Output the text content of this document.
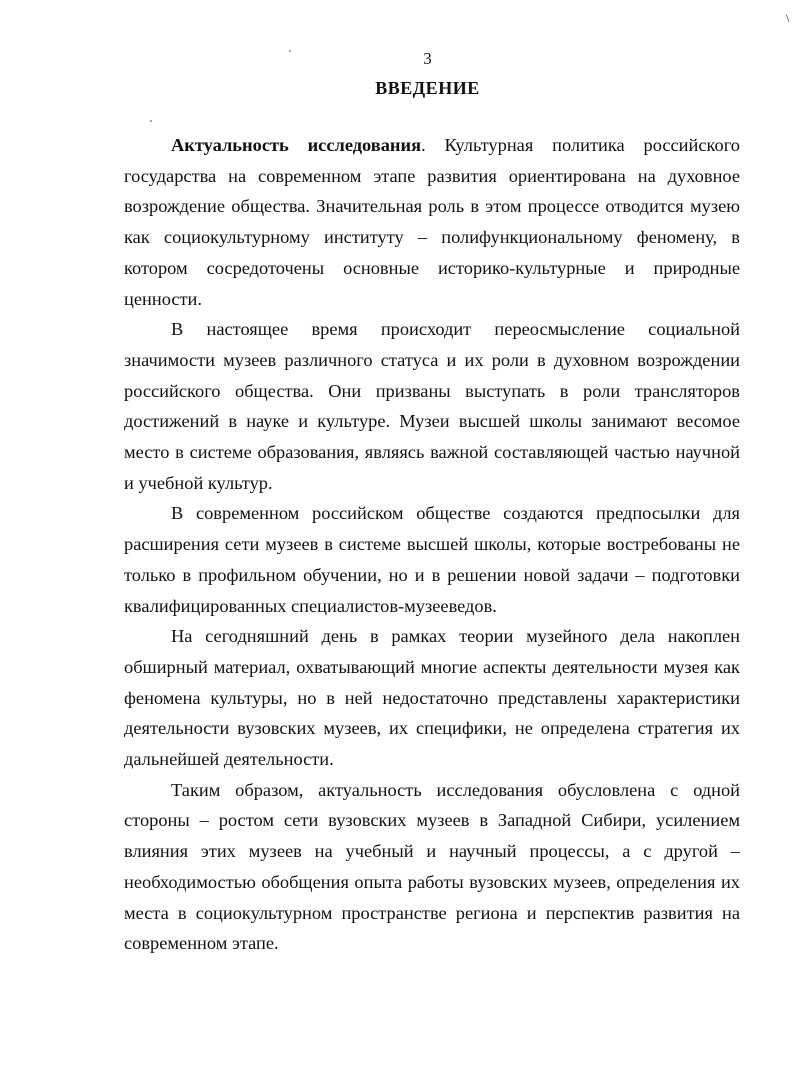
3
ВВЕДЕНИЕ

Актуальность исследования. Культурная политика российского государства на современном этапе развития ориентирована на духовное возрождение общества. Значительная роль в этом процессе отводится музею как социокультурному институту – полифункциональному феномену, в котором сосредоточены основные историко-культурные и природные ценности.

В настоящее время происходит переосмысление социальной значимости музеев различного статуса и их роли в духовном возрождении российского общества. Они призваны выступать в роли трансляторов достижений в науке и культуре. Музеи высшей школы занимают весомое место в системе образования, являясь важной составляющей частью научной и учебной культур.

В современном российском обществе создаются предпосылки для расширения сети музеев в системе высшей школы, которые востребованы не только в профильном обучении, но и в решении новой задачи – подготовки квалифицированных специалистов-музееведов.

На сегодняшний день в рамках теории музейного дела накоплен обширный материал, охватывающий многие аспекты деятельности музея как феномена культуры, но в ней недостаточно представлены характеристики деятельности вузовских музеев, их специфики, не определена стратегия их дальнейшей деятельности.

Таким образом, актуальность исследования обусловлена с одной стороны – ростом сети вузовских музеев в Западной Сибири, усилением влияния этих музеев на учебный и научный процессы, а с другой – необходимостью обобщения опыта работы вузовских музеев, определения их места в социокультурном пространстве региона и перспектив развития на современном этапе.
